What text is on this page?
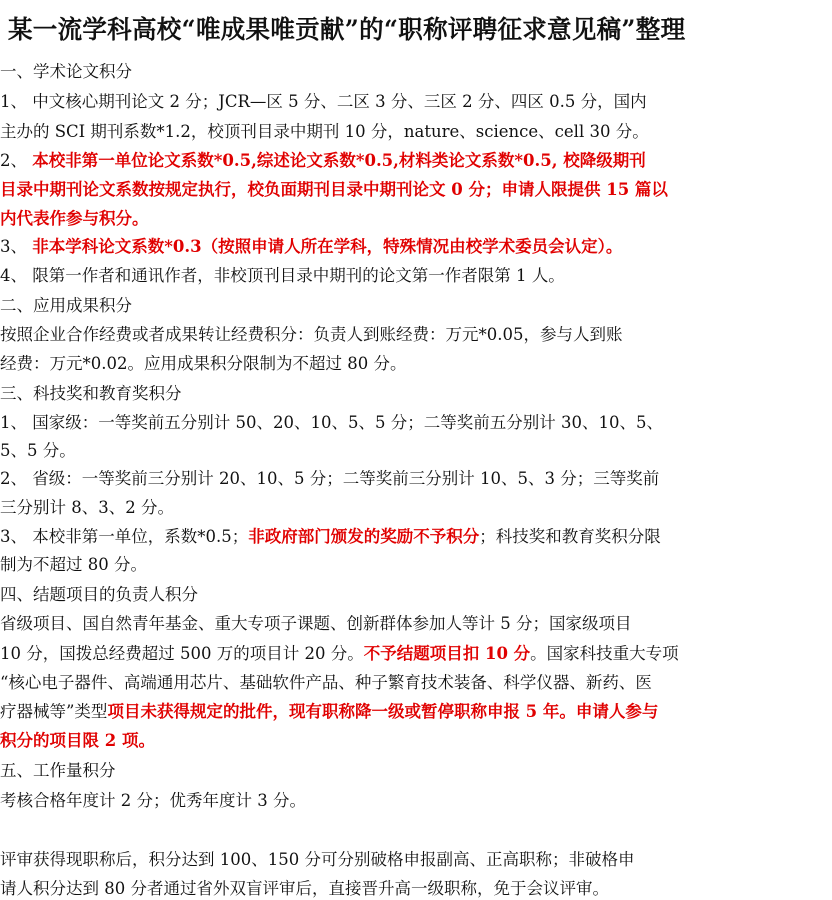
某一流学科高校“唯成果唯贡献”的“职称评聘征求意见稿”整理
一、学术论文积分
1、 中文核心期刊论文 2 分；JCR—区 5 分、二区 3 分、三区 2 分、四区 0.5 分，国内
主办的 SCI 期刊系数*1.2，校顶刊目录中期刊 10 分，nature、science、cell 30 分。
2、 本校非第一单位论文系数*0.5,综述论文系数*0.5,材料类论文系数*0.5, 校降级期刊
目录中期刊论文系数按规定执行，校负面期刊目录中期刊论文 0 分；申请人限提供 15 篇以
内代表作参与积分。
3、 非本学科论文系数*0.3（按照申请人所在学科，特殊情况由校学术委员会认定）。
4、 限第一作者和通讯作者，非校顶刊目录中期刊的论文第一作者限第 1 人。
二、应用成果积分
按照企业合作经费或者成果转让经费积分：负责人到账经费：万元*0.05，参与人到账
经费：万元*0.02。应用成果积分限制为不超过 80 分。
三、科技奖和教育奖积分
1、 国家级：一等奖前五分别计 50、20、10、5、5 分；二等奖前五分别计 30、10、5、
5、5 分。
2、 省级：一等奖前三分别计 20、10、5 分；二等奖前三分别计 10、5、3 分；三等奖前
三分别计 8、3、2 分。
3、 本校非第一单位，系数*0.5；非政府部门颁发的奖励不予积分；科技奖和教育奖积分限
制为不超过 80 分。
四、结题项目的负责人积分
省级项目、国自然青年基金、重大专项子课题、创新群体参加人等计 5 分；国家级项目
10 分，国拨总经费超过 500 万的项目计 20 分。不予结题项目扣 10 分。国家科技重大专项
“核心电子器件、高端通用芯片、基础软件产品、种子繁育技术装备、科学仪器、新药、医
疗器械等”类型项目未获得规定的批件，现有职称降一级或暂停职称申报 5 年。申请人参与
积分的项目限 2 项。
五、工作量积分
考核合格年度计 2 分；优秀年度计 3 分。
评审获得现职称后，积分达到 100、150 分可分别破格申报副高、正高职称；非破格申
请人积分达到 80 分者通过省外双盲评审后，直接晋升高一级职称，免于会议评审。
